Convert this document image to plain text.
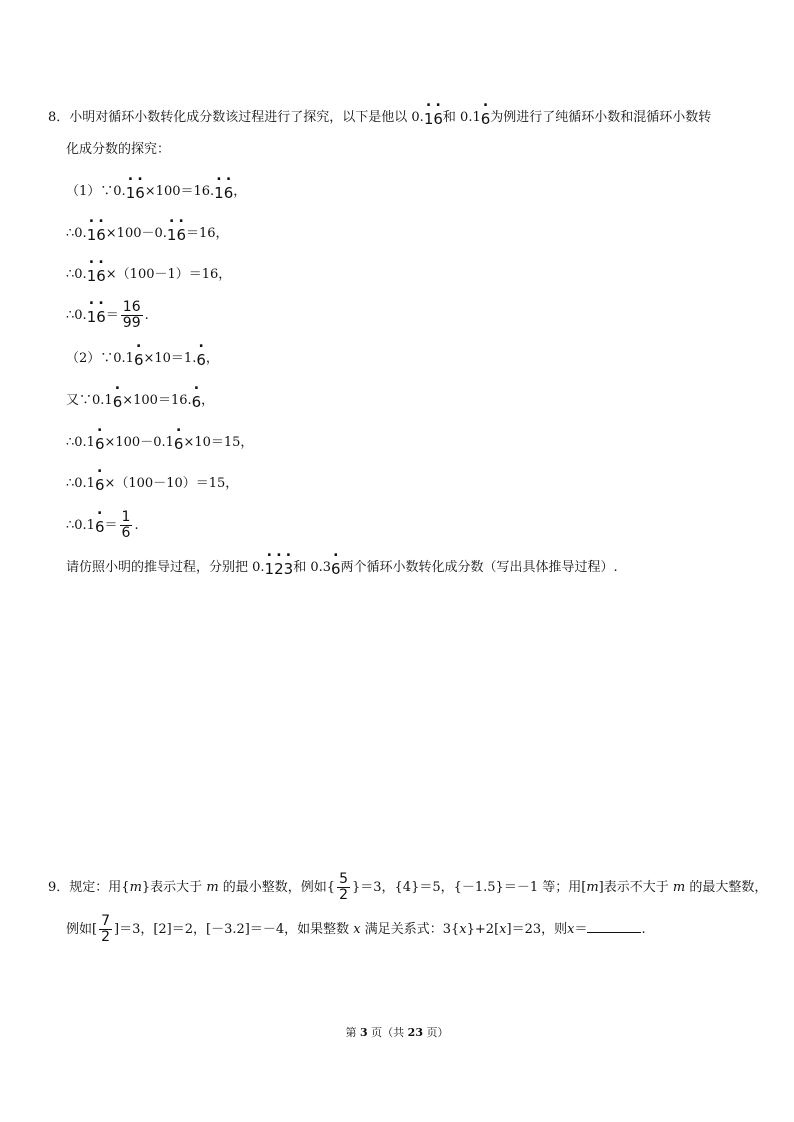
8．小明对循环小数转化成分数该过程进行了探究，以下是他以 0.. 1. 6和 0.1. 6为例进行了纯循环小数和混循环小数转
化成分数的探究：
（1）∵0.. 1. 6×100＝16.. 1. 6，
∴0.. 1. 6×100－0.. 1. 6＝16，
∴0.. 1. 6×（100－1）＝16，
∴0.. 1. $6= \frac{16}{99}$ .
（2）∵0.1. 6×10＝1.. 6，
又∵0.1. 6×100＝16.. 6，
∴0.1. 6×100－0.1. 6×10＝15，
∴0.1. 6×（100－10）＝15，
∴0.1. $6= \frac{1}{6}$ .
请仿照小明的推导过程，分别把 0.. 1. 2. 3和 0.3. 6两个循环小数转化成分数（写出具体推导过程）.
9．规定：用{m}表示大于 m 的最小整数，例如{ $\frac{5}{2} \}=3$，{4}＝5，{－1.5}＝－1 等；用[m]表示不大于 m 的最大整数，
例如[ $\frac{7}{2} ]=3$，[2]＝2，[－3.2]＝－4，如果整数 x 满足关系式：3{x}+2[x]＝23，则x＝	.
第 3 页（共 23 页）
